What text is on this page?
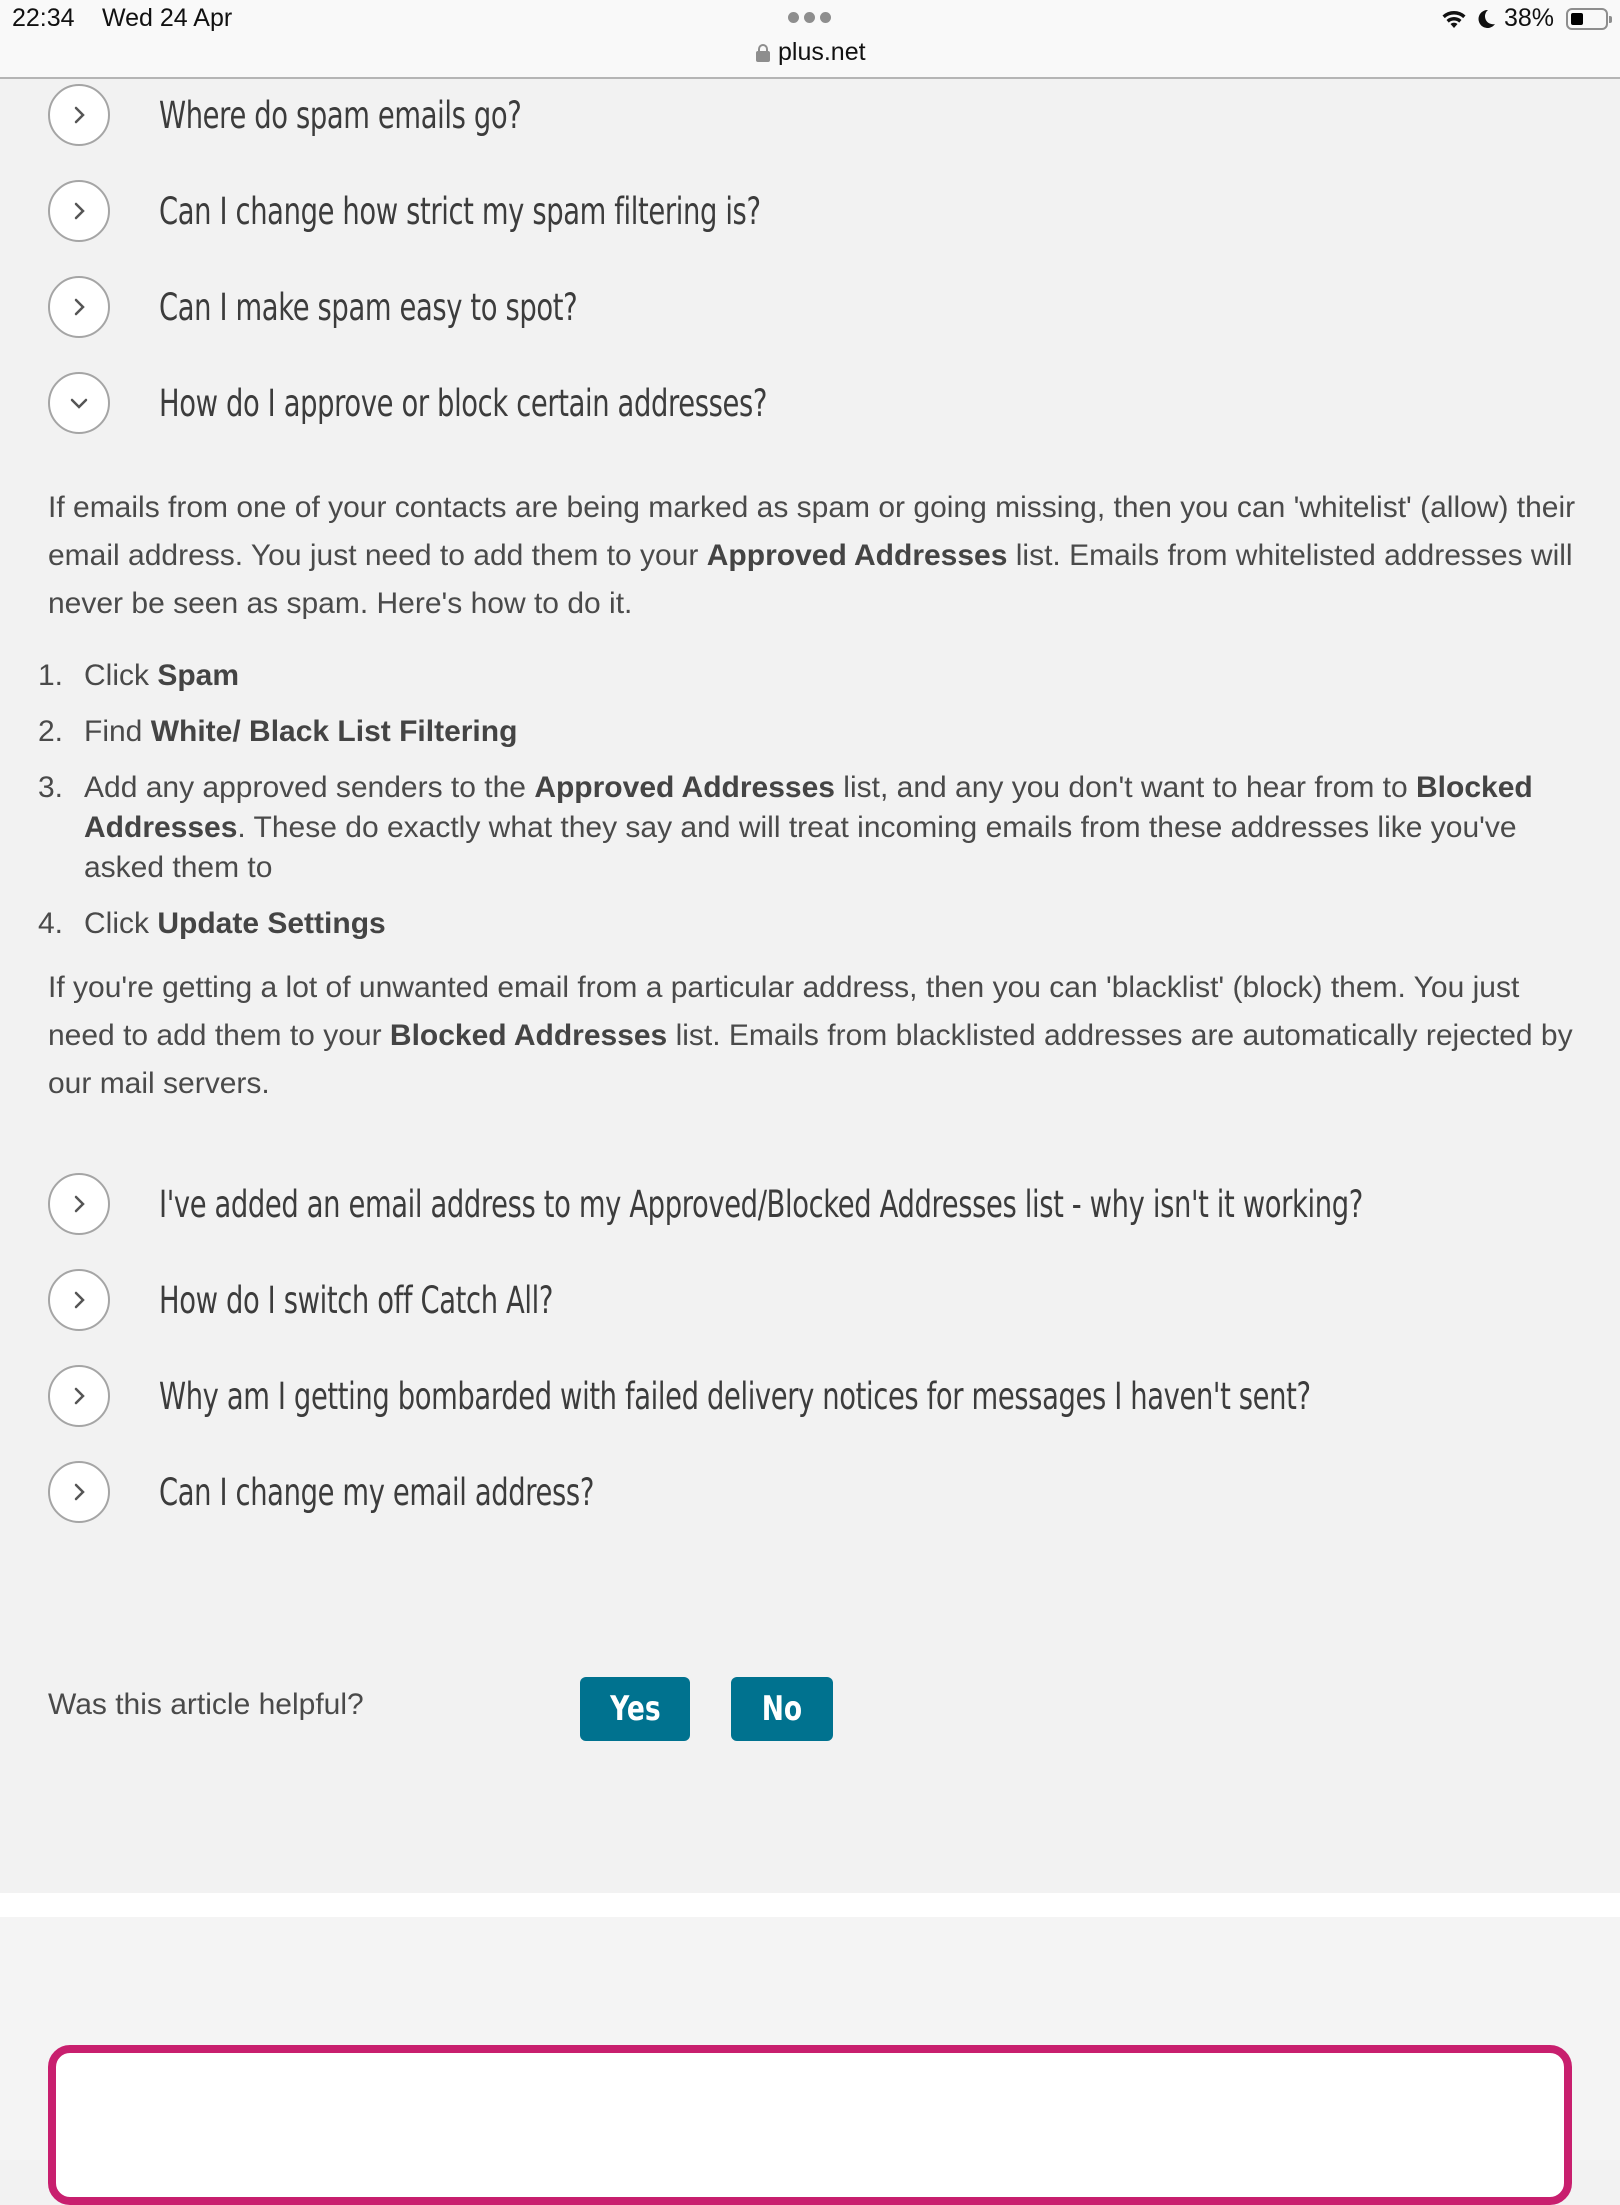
22:34 Wed 24 Apr
plus.net
38%
Where do spam emails go?
Can I change how strict my spam filtering is?
Can I make spam easy to spot?
How do I approve or block certain addresses?

If emails from one of your contacts are being marked as spam or going missing, then you can 'whitelist' (allow) their email address. You just need to add them to your Approved Addresses list. Emails from whitelisted addresses will never be seen as spam. Here's how to do it.

1. Click Spam
2. Find White/ Black List Filtering
3. Add any approved senders to the Approved Addresses list, and any you don't want to hear from to Blocked Addresses. These do exactly what they say and will treat incoming emails from these addresses like you've asked them to
4. Click Update Settings

If you're getting a lot of unwanted email from a particular address, then you can 'blacklist' (block) them. You just need to add them to your Blocked Addresses list. Emails from blacklisted addresses are automatically rejected by our mail servers.

I've added an email address to my Approved/Blocked Addresses list - why isn't it working?
How do I switch off Catch All?
Why am I getting bombarded with failed delivery notices for messages I haven't sent?
Can I change my email address?
Was this article helpful?	Yes	No
